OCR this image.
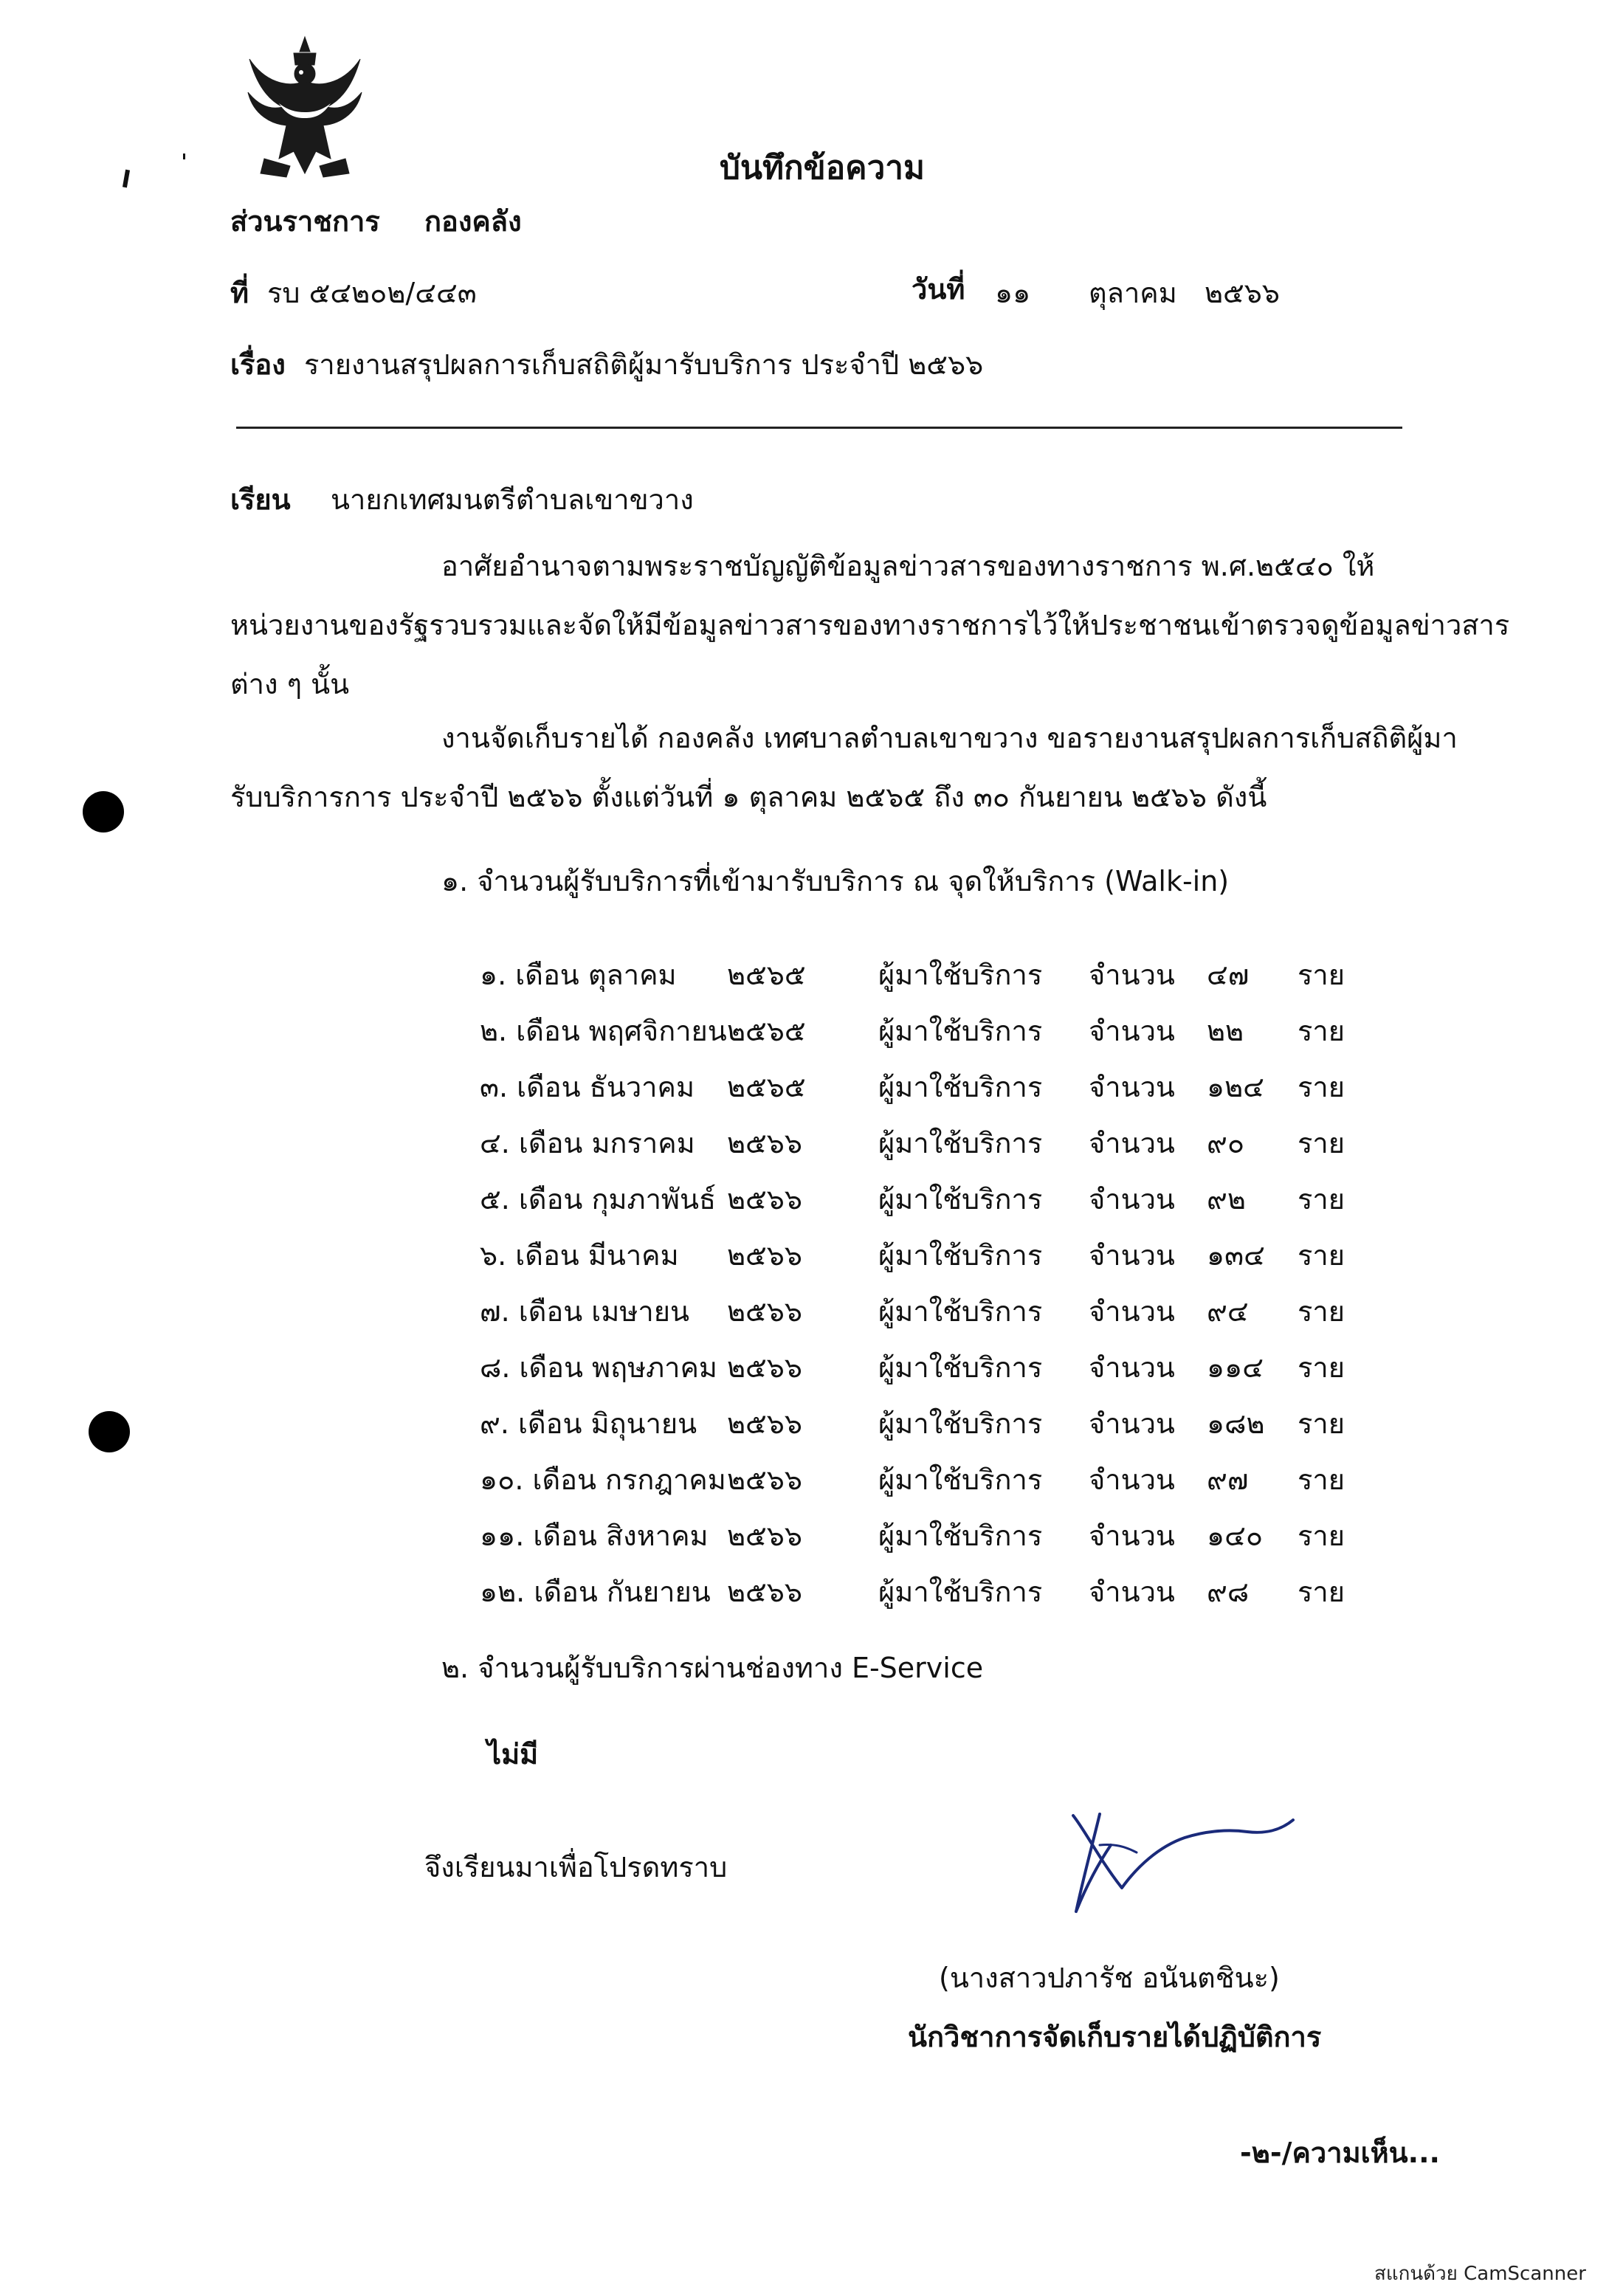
บันทึกข้อความ
ส่วนราชการ กองคลัง
ที่ รบ ๕๔๒๐๒/๔๔๓	วันที่ ๑๑ ตุลาคม ๒๕๖๖
เรื่อง รายงานสรุปผลการเก็บสถิติผู้มารับบริการ ประจำปี ๒๕๖๖
เรียน นายกเทศมนตรีตำบลเขาขวาง
อาศัยอำนาจตามพระราชบัญญัติข้อมูลข่าวสารของทางราชการ พ.ศ.๒๕๔๐ ให้
หน่วยงานของรัฐรวบรวมและจัดให้มีข้อมูลข่าวสารของทางราชการไว้ให้ประชาชนเข้าตรวจดูข้อมูลข่าวสาร
ต่าง ๆ นั้น
งานจัดเก็บรายได้ กองคลัง เทศบาลตำบลเขาขวาง ขอรายงานสรุปผลการเก็บสถิติผู้มา
รับบริการการ ประจำปี ๒๕๖๖ ตั้งแต่วันที่ ๑ ตุลาคม ๒๕๖๕ ถึง ๓๐ กันยายน ๒๕๖๖ ดังนี้
๑. จำนวนผู้รับบริการที่เข้ามารับบริการ ณ จุดให้บริการ (Walk-in)
๑. เดือน ตุลาคม ๒๕๖๕	ผู้มาใช้บริการ จำนวน ๔๗ ราย
๒. เดือน พฤศจิกายน ๒๕๖๕	ผู้มาใช้บริการ จำนวน ๒๒ ราย
๓. เดือน ธันวาคม ๒๕๖๕	ผู้มาใช้บริการ จำนวน ๑๒๔ ราย
๔. เดือน มกราคม ๒๕๖๖	ผู้มาใช้บริการ จำนวน ๙๐ ราย
๕. เดือน กุมภาพันธ์ ๒๕๖๖	ผู้มาใช้บริการ จำนวน ๙๒ ราย
๖. เดือน มีนาคม ๒๕๖๖	ผู้มาใช้บริการ จำนวน ๑๓๔ ราย
๗. เดือน เมษายน ๒๕๖๖	ผู้มาใช้บริการ จำนวน ๙๔ ราย
๘. เดือน พฤษภาคม ๒๕๖๖	ผู้มาใช้บริการ จำนวน ๑๑๔ ราย
๙. เดือน มิถุนายน ๒๕๖๖	ผู้มาใช้บริการ จำนวน ๑๘๒ ราย
๑๐. เดือน กรกฎาคม ๒๕๖๖	ผู้มาใช้บริการ จำนวน ๙๗ ราย
๑๑. เดือน สิงหาคม ๒๕๖๖	ผู้มาใช้บริการ จำนวน ๑๔๐ ราย
๑๒. เดือน กันยายน ๒๕๖๖	ผู้มาใช้บริการ จำนวน ๙๘ ราย
๒. จำนวนผู้รับบริการผ่านช่องทาง E-Service
ไม่มี
จึงเรียนมาเพื่อโปรดทราบ
(นางสาวปภารัช อนันตชินะ)
นักวิชาการจัดเก็บรายได้ปฏิบัติการ
-๒-/ความเห็น...
สแกนด้วย CamScanner
